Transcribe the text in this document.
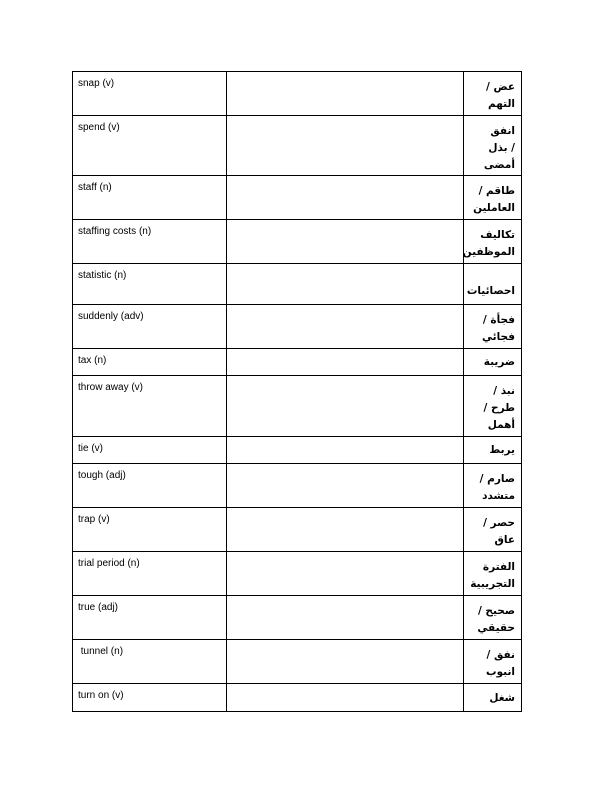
snap (v)		عض /
التهم

spend (v)		انفق
/ بذل
أمضى

staff (n)		طاقم /
العاملين

staffing costs (n)		تكاليف
الموظفين

statistic (n)		احصائيات

suddenly (adv)		فجأة /
فجائي

tax (n)		ضريبة

throw away (v)		نبذ /
طرح /
أهمل

tie (v)		يربط

tough (adj)		صارم /
متشدد

trap (v)		حصر /
عاق

trial period (n)		الفترة
التجريبية

true (adj)		صحيح /
حقيقي

tunnel (n)		نفق /
انبوب

turn on (v)		شغل
